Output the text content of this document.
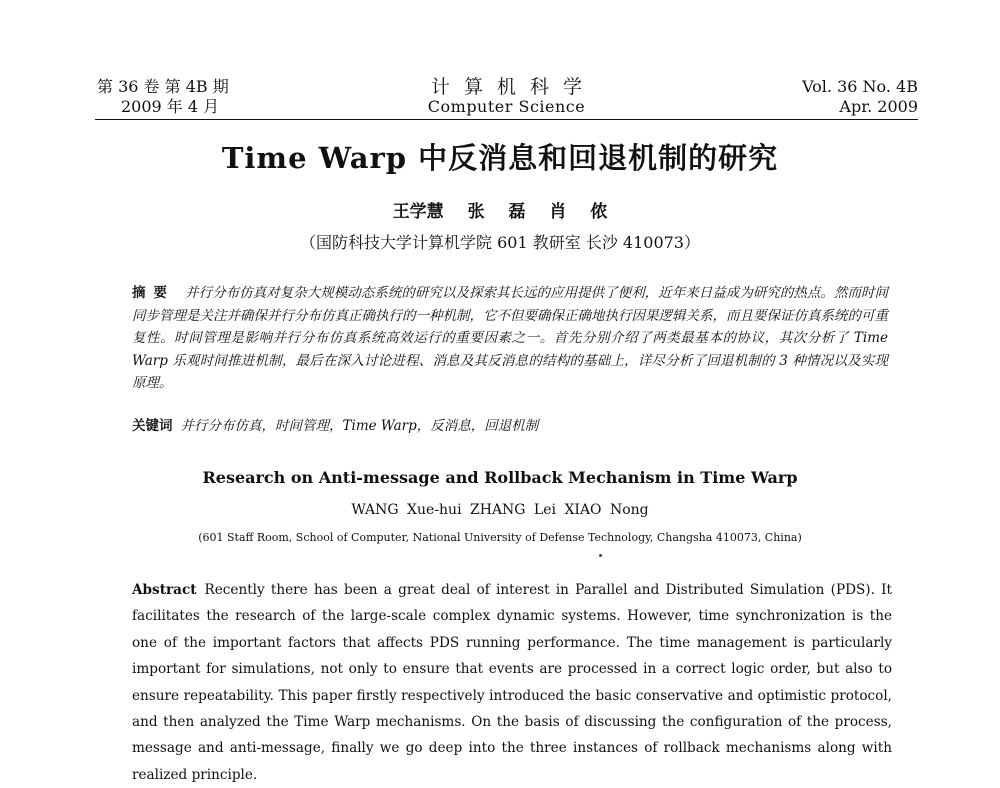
第 36 卷 第 4B 期
2009 年 4 月
计算机科学
Computer Science
Vol. 36 No. 4B
Apr. 2009
Time Warp 中反消息和回退机制的研究
王学慧 张 磊 肖 侬
（国防科技大学计算机学院 601 教研室 长沙 410073）
摘要 并行分布仿真对复杂大规模动态系统的研究以及探索其长远的应用提供了便利，近年来日益成为研究的热点。然而时间同步管理是关注并确保并行分布仿真正确执行的一种机制，它不但要确保正确地执行因果逻辑关系，而且要保证仿真系统的可重复性。时间管理是影响并行分布仿真系统高效运行的重要因素之一。首先分别介绍了两类最基本的协议，其次分析了 Time Warp 乐观时间推进机制，最后在深入讨论进程、消息及其反消息的结构的基础上，详尽分析了回退机制的 3 种情况以及实现原理。
关键词 并行分布仿真，时间管理，Time Warp，反消息，回退机制
Research on Anti-message and Rollback Mechanism in Time Warp
WANG Xue-hui ZHANG Lei XIAO Nong
(601 Staff Room, School of Computer, National University of Defense Technology, Changsha 410073, China)
Abstract Recently there has been a great deal of interest in Parallel and Distributed Simulation (PDS). It facilitates the research of the large-scale complex dynamic systems. However, time synchronization is the one of the important factors that affects PDS running performance. The time management is particularly important for simulations, not only to ensure that events are processed in a correct logic order, but also to ensure repeatability. This paper firstly respectively introduced the basic conservative and optimistic protocol, and then analyzed the Time Warp mechanisms. On the basis of discussing the configuration of the process, message and anti-message, finally we go deep into the three instances of rollback mechanisms along with realized principle.
